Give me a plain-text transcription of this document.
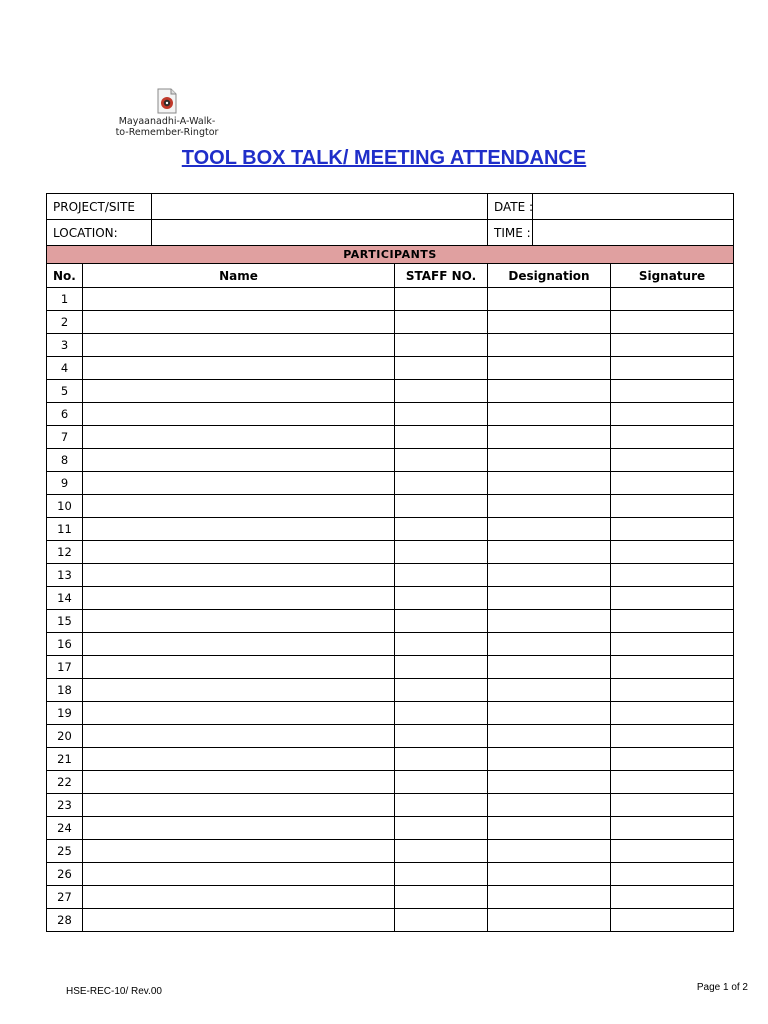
Mayaanadhi-A-Walk-
to-Remember-Ringtor
TOOL BOX TALK/ MEETING ATTENDANCE
PROJECT/SITE				DATE :		
LOCATION:				TIME :		
PARTICIPANTS						
No.	Name		STAFF NO.	Designation		Signature
1						
2						
3						
4						
5						
6						
7						
8						
9						
10						
11						
12						
13						
14						
15						
16						
17						
18						
19						
20						
21						
22						
23						
24						
25						
26						
27						
28						
HSE-REC-10/ Rev.00	Page 1 of 2
